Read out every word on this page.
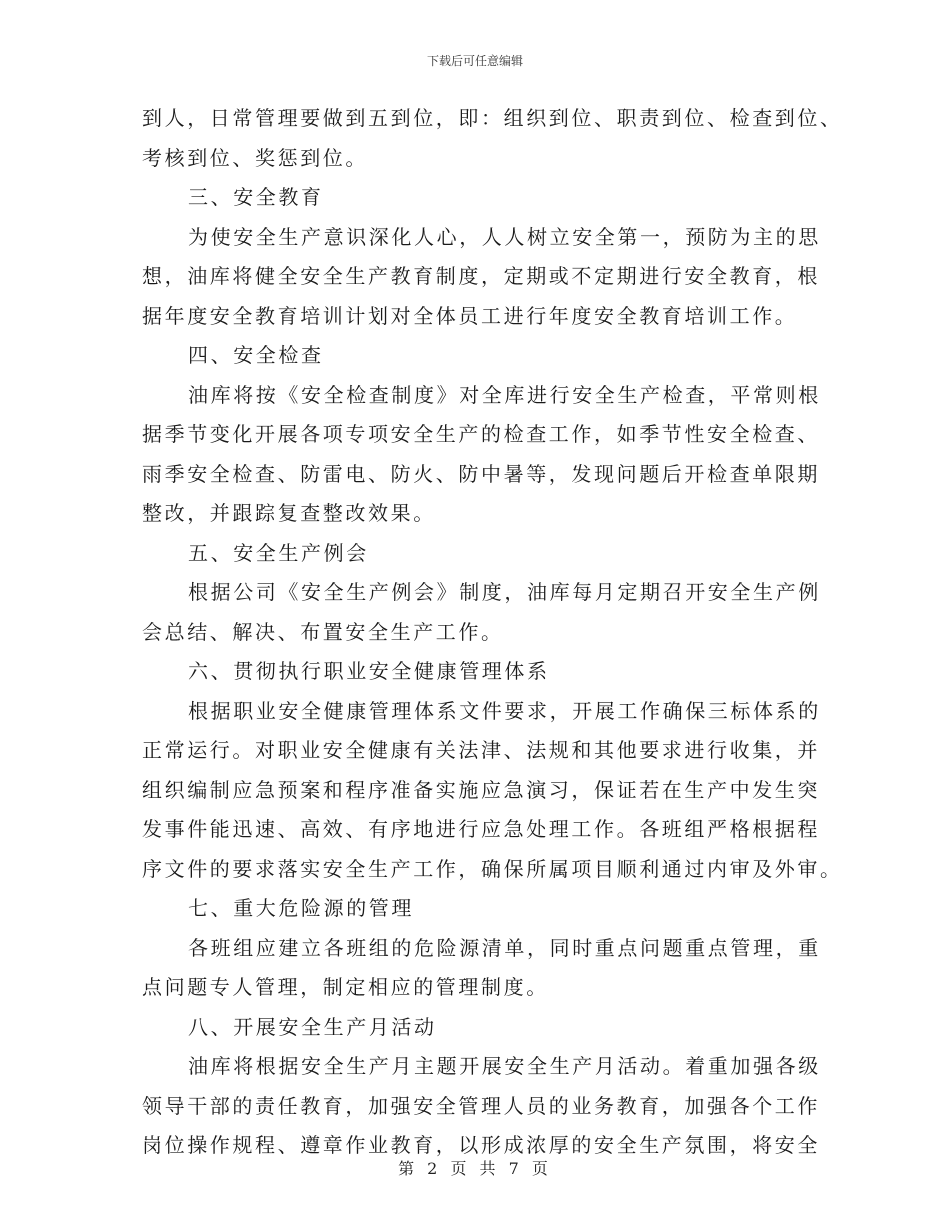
下载后可任意编辑
到人，日常管理要做到五到位，即：组织到位、职责到位、检查到位、
考核到位、奖惩到位。
三、安全教育
为使安全生产意识深化人心，人人树立安全第一，预防为主的思
想，油库将健全安全生产教育制度，定期或不定期进行安全教育，根
据年度安全教育培训计划对全体员工进行年度安全教育培训工作。
四、安全检查
油库将按《安全检查制度》对全库进行安全生产检查，平常则根
据季节变化开展各项专项安全生产的检查工作，如季节性安全检查、
雨季安全检查、防雷电、防火、防中暑等，发现问题后开检查单限期
整改，并跟踪复查整改效果。
五、安全生产例会
根据公司《安全生产例会》制度，油库每月定期召开安全生产例
会总结、解决、布置安全生产工作。
六、贯彻执行职业安全健康管理体系
根据职业安全健康管理体系文件要求，开展工作确保三标体系的
正常运行。对职业安全健康有关法津、法规和其他要求进行收集，并
组织编制应急预案和程序准备实施应急演习，保证若在生产中发生突
发事件能迅速、高效、有序地进行应急处理工作。各班组严格根据程
序文件的要求落实安全生产工作，确保所属项目顺利通过内审及外审。
七、重大危险源的管理
各班组应建立各班组的危险源清单，同时重点问题重点管理，重
点问题专人管理，制定相应的管理制度。
八、开展安全生产月活动
油库将根据安全生产月主题开展安全生产月活动。着重加强各级
领导干部的责任教育，加强安全管理人员的业务教育，加强各个工作
岗位操作规程、遵章作业教育，以形成浓厚的安全生产氛围，将安全
第 2 页 共 7 页
